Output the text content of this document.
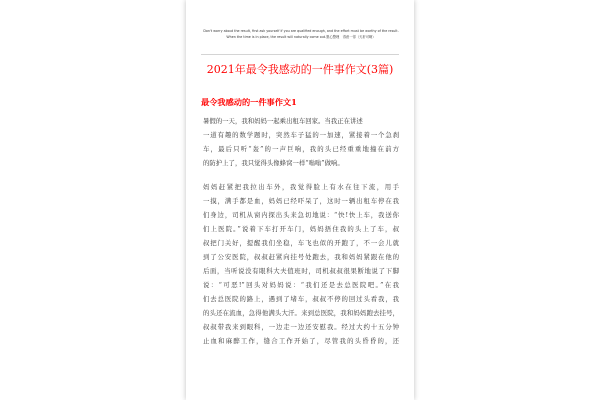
Don't worry about the result, first ask yourself if you are qualified enough, and the effort must be worthy of the result. When the time is in place, the result will naturally come out.愚心整理　得意一得（天折可啊）
2021年最令我感动的一件事作文(3篇)
最令我感动的一件事作文1
暑假的一天，我和妈妈一起乘出租车回家。当我正在讲述
一道有趣的数学题时，突然车子猛的一加速，紧接着一个急刹
车，最后只听“轰”的一声巨响，我的头已经重重地撞在前方
的防护上了，我只觉得头像蜂窝一样“嗡嗡”做响。
妈妈赶紧把我拉出车外，我觉得脸上有水在往下流，用手
一摸，满手都是血，妈妈已经吓呆了，这时一辆出租车停在我
们身边，司机从窗内探出头来急切地说：“快!快上车，我送你
们上医院。”说着下车打开车门，妈妈捂住我的头上了车，叔
叔把门关好，提醒我们坐稳，车飞也似的开跑了，不一会儿就
到了公安医院，叔叔赶紧向挂号处跑去，我和妈妈紧跟在他的
后面，当听说没有眼科大夫值班时，司机叔叔很果断地说了下脚
说：“可恶!”回头对妈妈说：“我们还是去总医院吧。”在我
们去总医院的路上，遇到了堵车，叔叔不停的回过头看我，我
的头还在流血，急得他满头大汗。来到总医院，我和妈妈跑去挂号，
叔叔带我来到眼科，一边走一边还安慰我。经过大约十五分钟
止血和麻醉工作，缝合工作开始了，尽管我的头昏昏的，还
